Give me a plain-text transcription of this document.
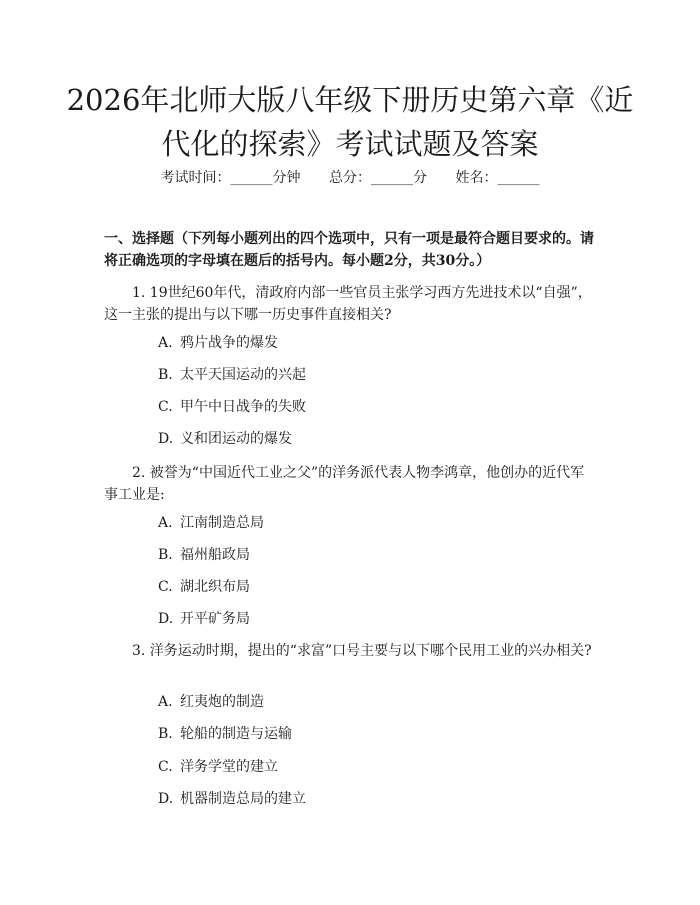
2026年北师大版八年级下册历史第六章《近代化的探索》考试试题及答案
考试时间：______分钟 总分：______分 姓名：______

一、选择题（下列每小题列出的四个选项中，只有一项是最符合题目要求的。请将正确选项的字母填在题后的括号内。每小题2分，共30分。）

1. 19世纪60年代，清政府内部一些官员主张学习西方先进技术以“自强”，这一主张的提出与以下哪一历史事件直接相关?

A. 鸦片战争的爆发

B. 太平天国运动的兴起

C. 甲午中日战争的失败

D. 义和团运动的爆发

2. 被誉为“中国近代工业之父”的洋务派代表人物李鸿章，他创办的近代军事工业是:

A. 江南制造总局

B. 福州船政局

C. 湖北织布局

D. 开平矿务局

3. 洋务运动时期，提出的“求富”口号主要与以下哪个民用工业的兴办相关?

A. 红夷炮的制造

B. 轮船的制造与运输

C. 洋务学堂的建立

D. 机器制造总局的建立
